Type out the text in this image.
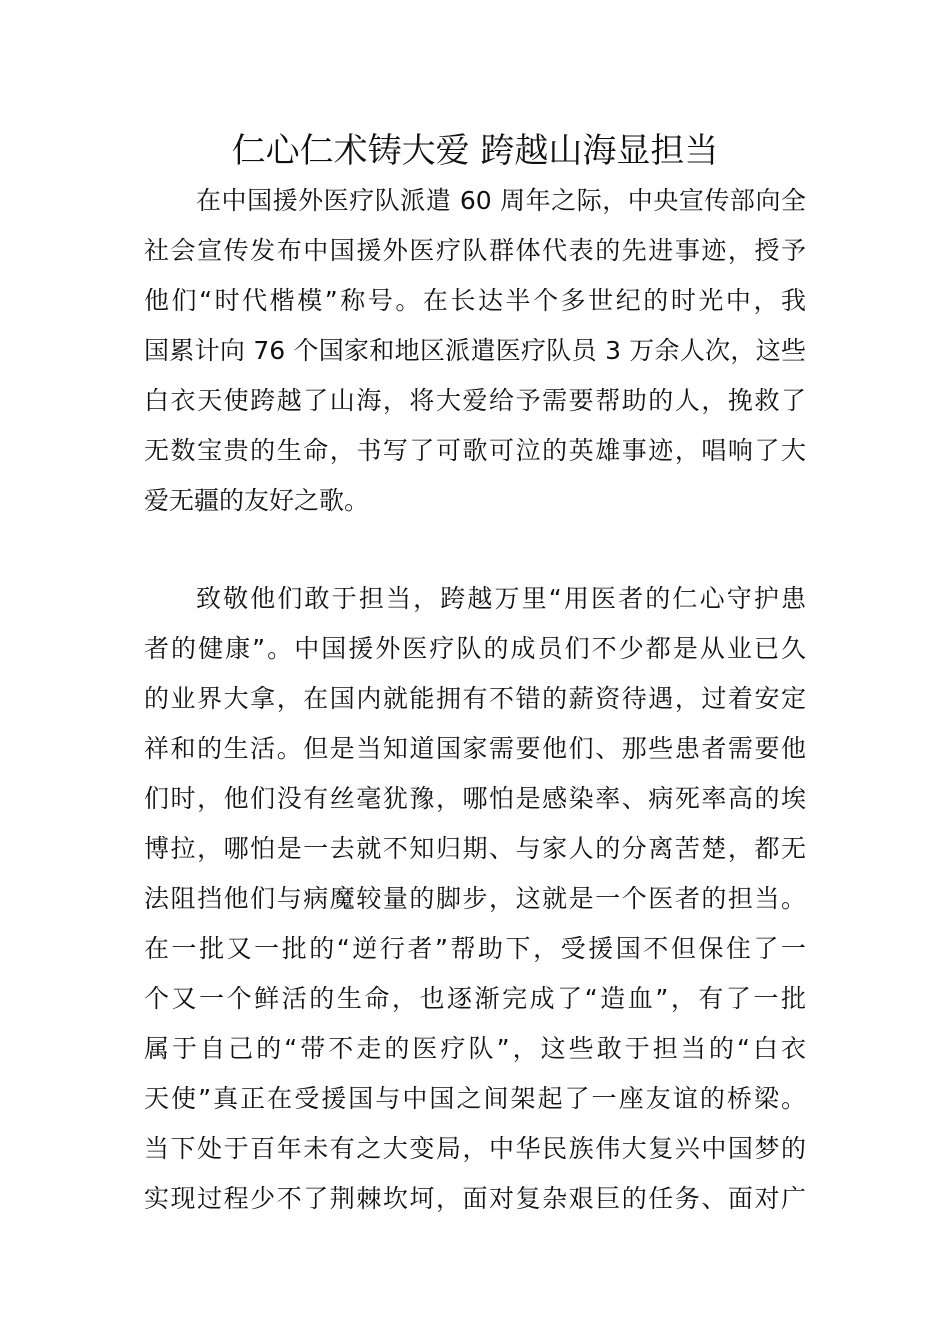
仁心仁术铸大爱 跨越山海显担当
在中国援外医疗队派遣 60 周年之际，中央宣传部向全
社会宣传发布中国援外医疗队群体代表的先进事迹，授予
他们“时代楷模”称号。在长达半个多世纪的时光中，我
国累计向 76 个国家和地区派遣医疗队员 3 万余人次，这些
白衣天使跨越了山海，将大爱给予需要帮助的人，挽救了
无数宝贵的生命，书写了可歌可泣的英雄事迹，唱响了大
爱无疆的友好之歌。
致敬他们敢于担当，跨越万里“用医者的仁心守护患
者的健康”。中国援外医疗队的成员们不少都是从业已久
的业界大拿，在国内就能拥有不错的薪资待遇，过着安定
祥和的生活。但是当知道国家需要他们、那些患者需要他
们时，他们没有丝毫犹豫，哪怕是感染率、病死率高的埃
博拉，哪怕是一去就不知归期、与家人的分离苦楚，都无
法阻挡他们与病魔较量的脚步，这就是一个医者的担当。
在一批又一批的“逆行者”帮助下，受援国不但保住了一
个又一个鲜活的生命，也逐渐完成了“造血”，有了一批
属于自己的“带不走的医疗队”，这些敢于担当的“白衣
天使”真正在受援国与中国之间架起了一座友谊的桥梁。
当下处于百年未有之大变局，中华民族伟大复兴中国梦的
实现过程少不了荆棘坎坷，面对复杂艰巨的任务、面对广
